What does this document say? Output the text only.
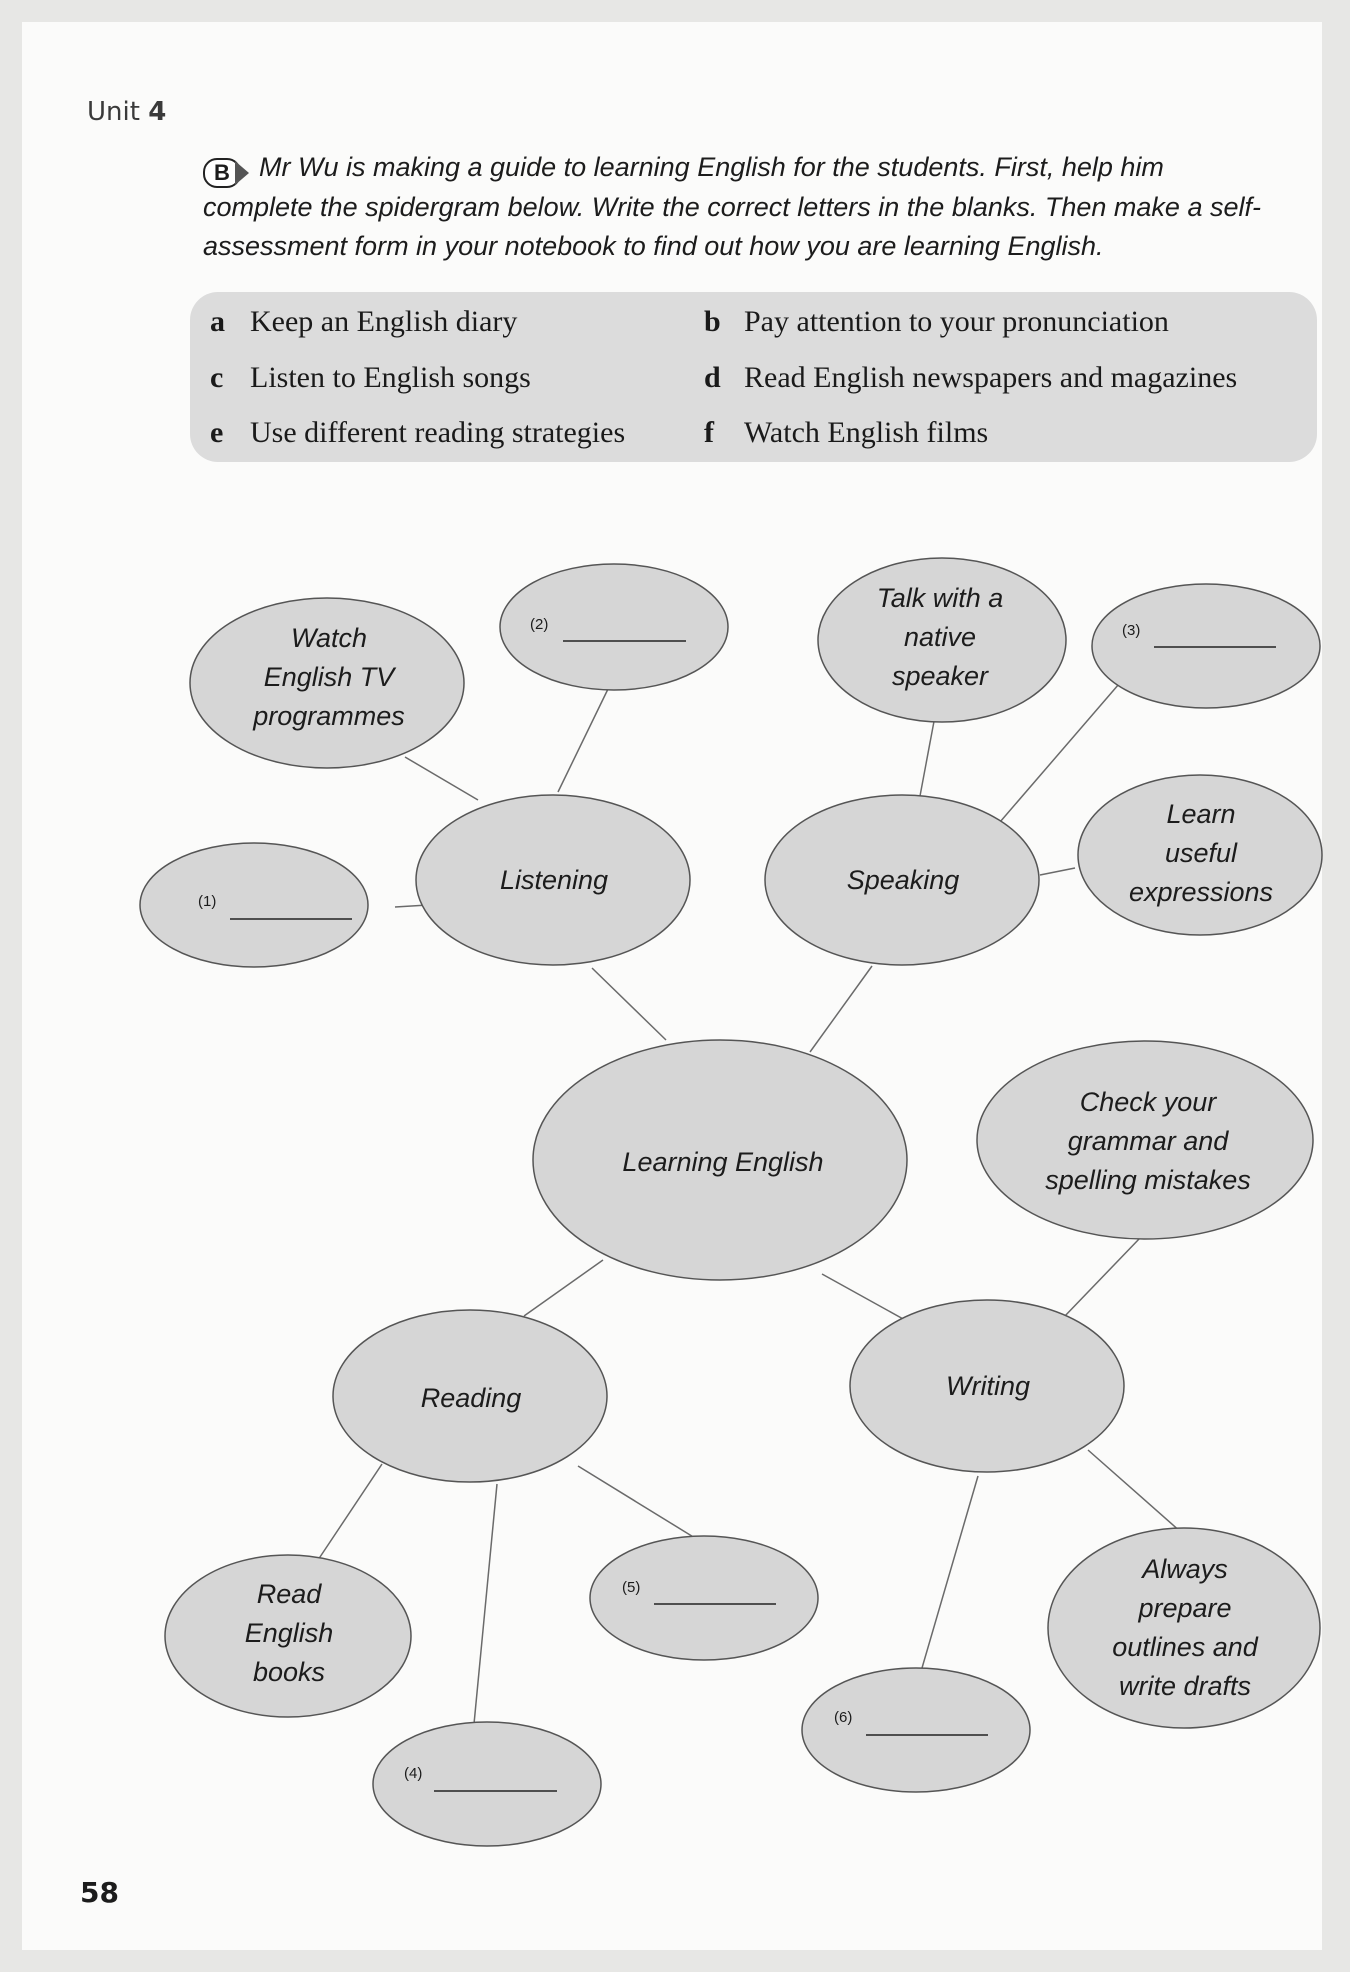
Unit 4
B	Mr Wu is making a guide to learning English for the students. First, help him complete the spidergram below. Write the correct letters in the blanks. Then make a self-assessment form in your notebook to find out how you are learning English.
a Keep an English diary	b Pay attention to your pronunciation
c Listen to English songs	d Read English newspapers and magazines
e Use different reading strategies	f Watch English films
Watch
English TV
programmes
Talk with a
native
speaker
Learn
useful
expressions
Listening	Speaking
Learning English
Check your
grammar and
spelling mistakes
Reading	Writing
Read
English
books
Always
prepare
outlines and
write drafts
(1)
(2)	(3)
(4)
(5)
(6)
58
